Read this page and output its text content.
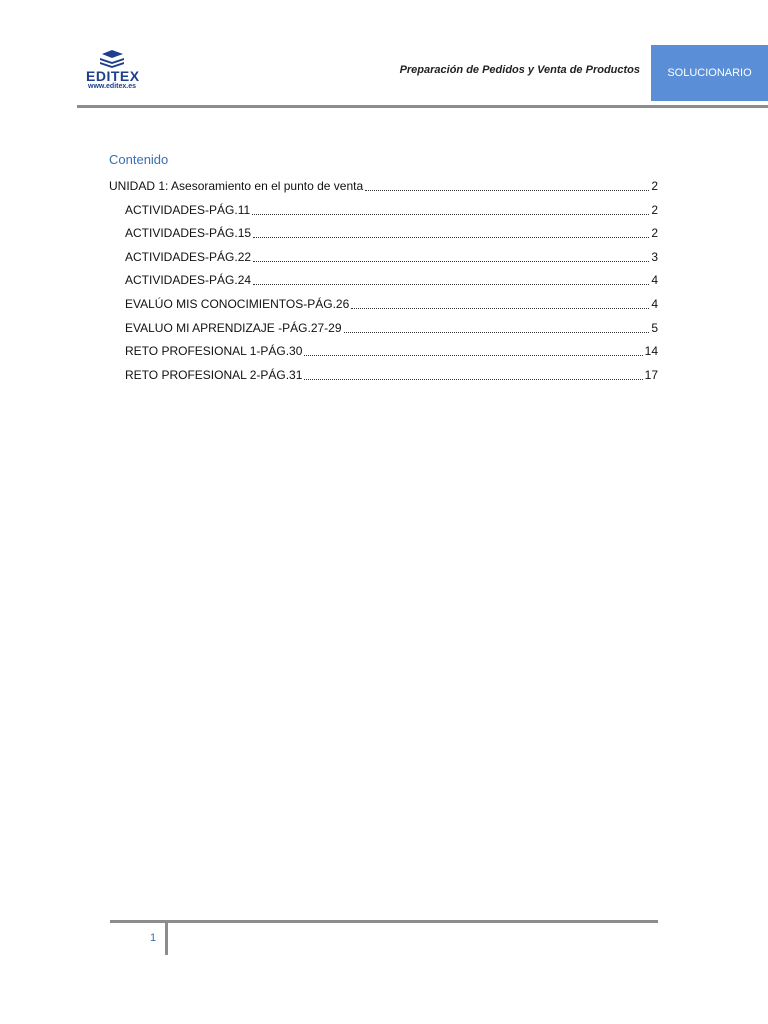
EDITEX
www.editex.es
Preparación de Pedidos y Venta de Productos	SOLUCIONARIO
Contenido
UNIDAD 1: Asesoramiento en el punto de venta	2
ACTIVIDADES-PÁG.11	2
ACTIVIDADES-PÁG.15	2
ACTIVIDADES-PÁG.22	3
ACTIVIDADES-PÁG.24	4
EVALÚO MIS CONOCIMIENTOS-PÁG.26	4
EVALUO MI APRENDIZAJE -PÁG.27-29	5
RETO PROFESIONAL 1-PÁG.30	14
RETO PROFESIONAL 2-PÁG.31	17
1
